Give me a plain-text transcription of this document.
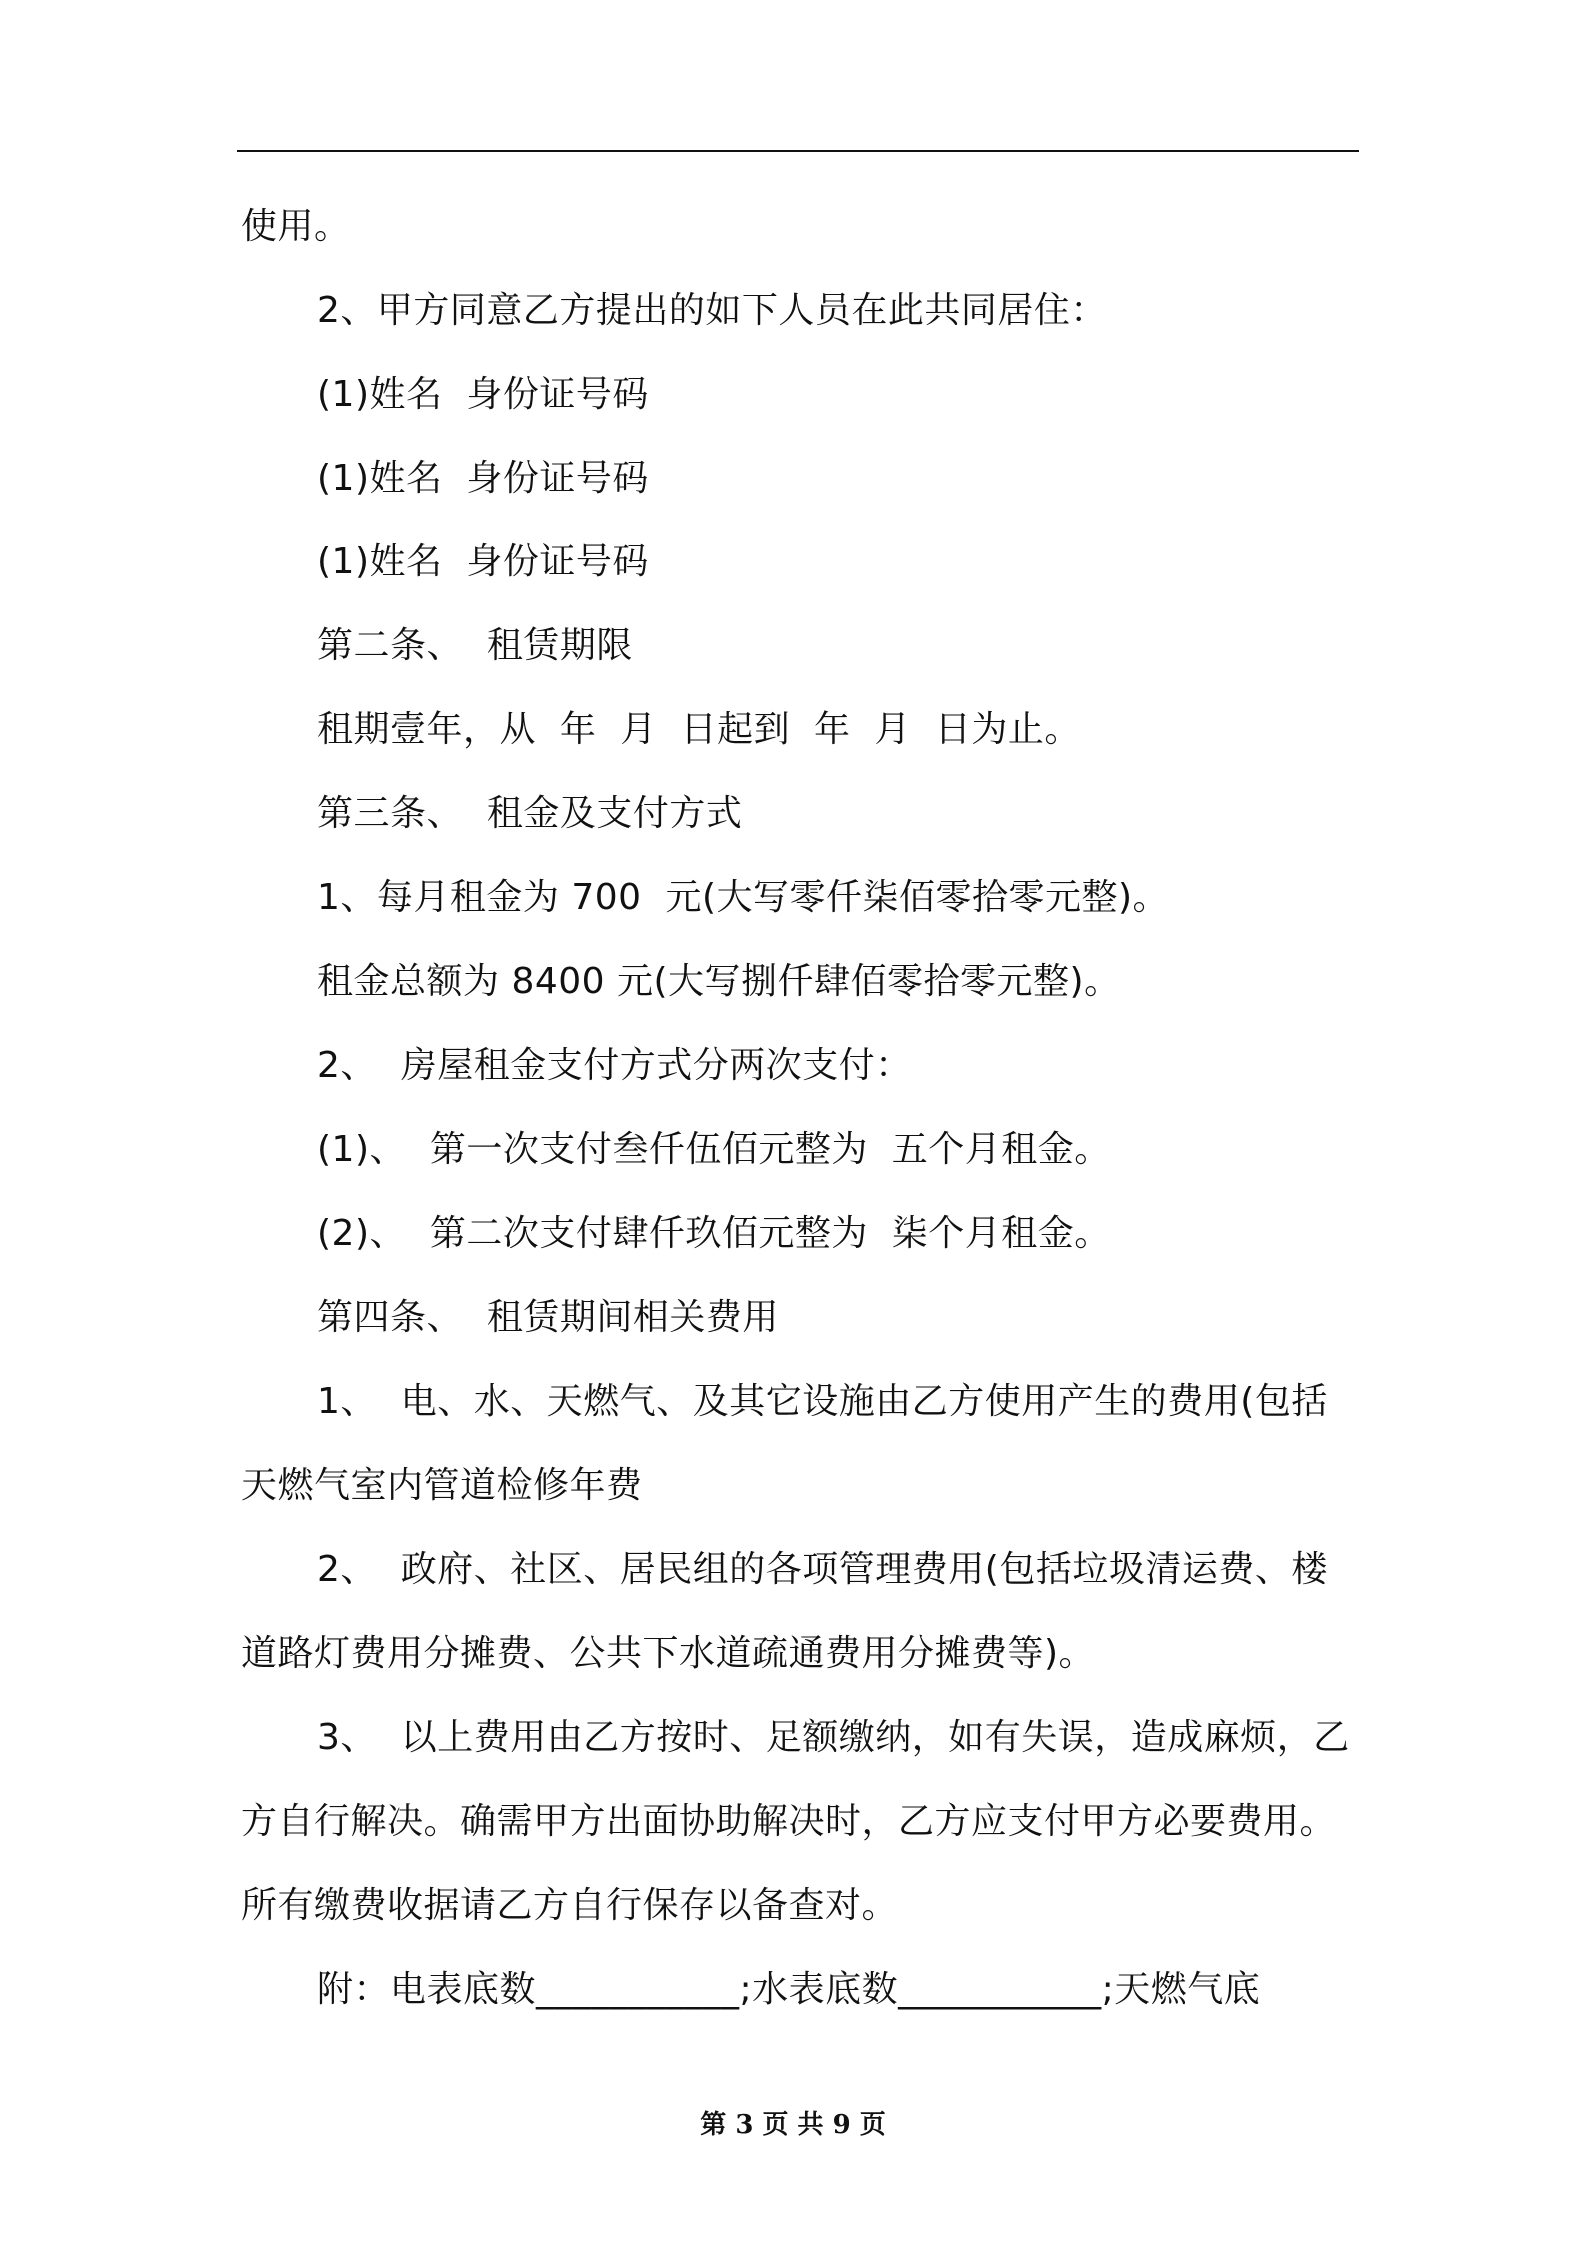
使用。
2、甲方同意乙方提出的如下人员在此共同居住：
(1)姓名  身份证号码
(1)姓名  身份证号码
(1)姓名  身份证号码
第二条、  租赁期限
租期壹年，从  年  月  日起到  年  月  日为止。
第三条、  租金及支付方式
1、每月租金为 700  元(大写零仟柒佰零拾零元整)。
租金总额为 8400 元(大写捌仟肆佰零拾零元整)。
2、  房屋租金支付方式分两次支付：
(1)、  第一次支付叁仟伍佰元整为  五个月租金。
(2)、  第二次支付肆仟玖佰元整为  柒个月租金。
第四条、  租赁期间相关费用
1、  电、水、天燃气、及其它设施由乙方使用产生的费用(包括
天燃气室内管道检修年费
2、  政府、社区、居民组的各项管理费用(包括垃圾清运费、楼
道路灯费用分摊费、公共下水道疏通费用分摊费等)。
3、  以上费用由乙方按时、足额缴纳，如有失误，造成麻烦，乙
方自行解决。确需甲方出面协助解决时，乙方应支付甲方必要费用。
所有缴费收据请乙方自行保存以备查对。
附：电表底数___________;水表底数___________;天燃气底
第 3 页 共 9 页
